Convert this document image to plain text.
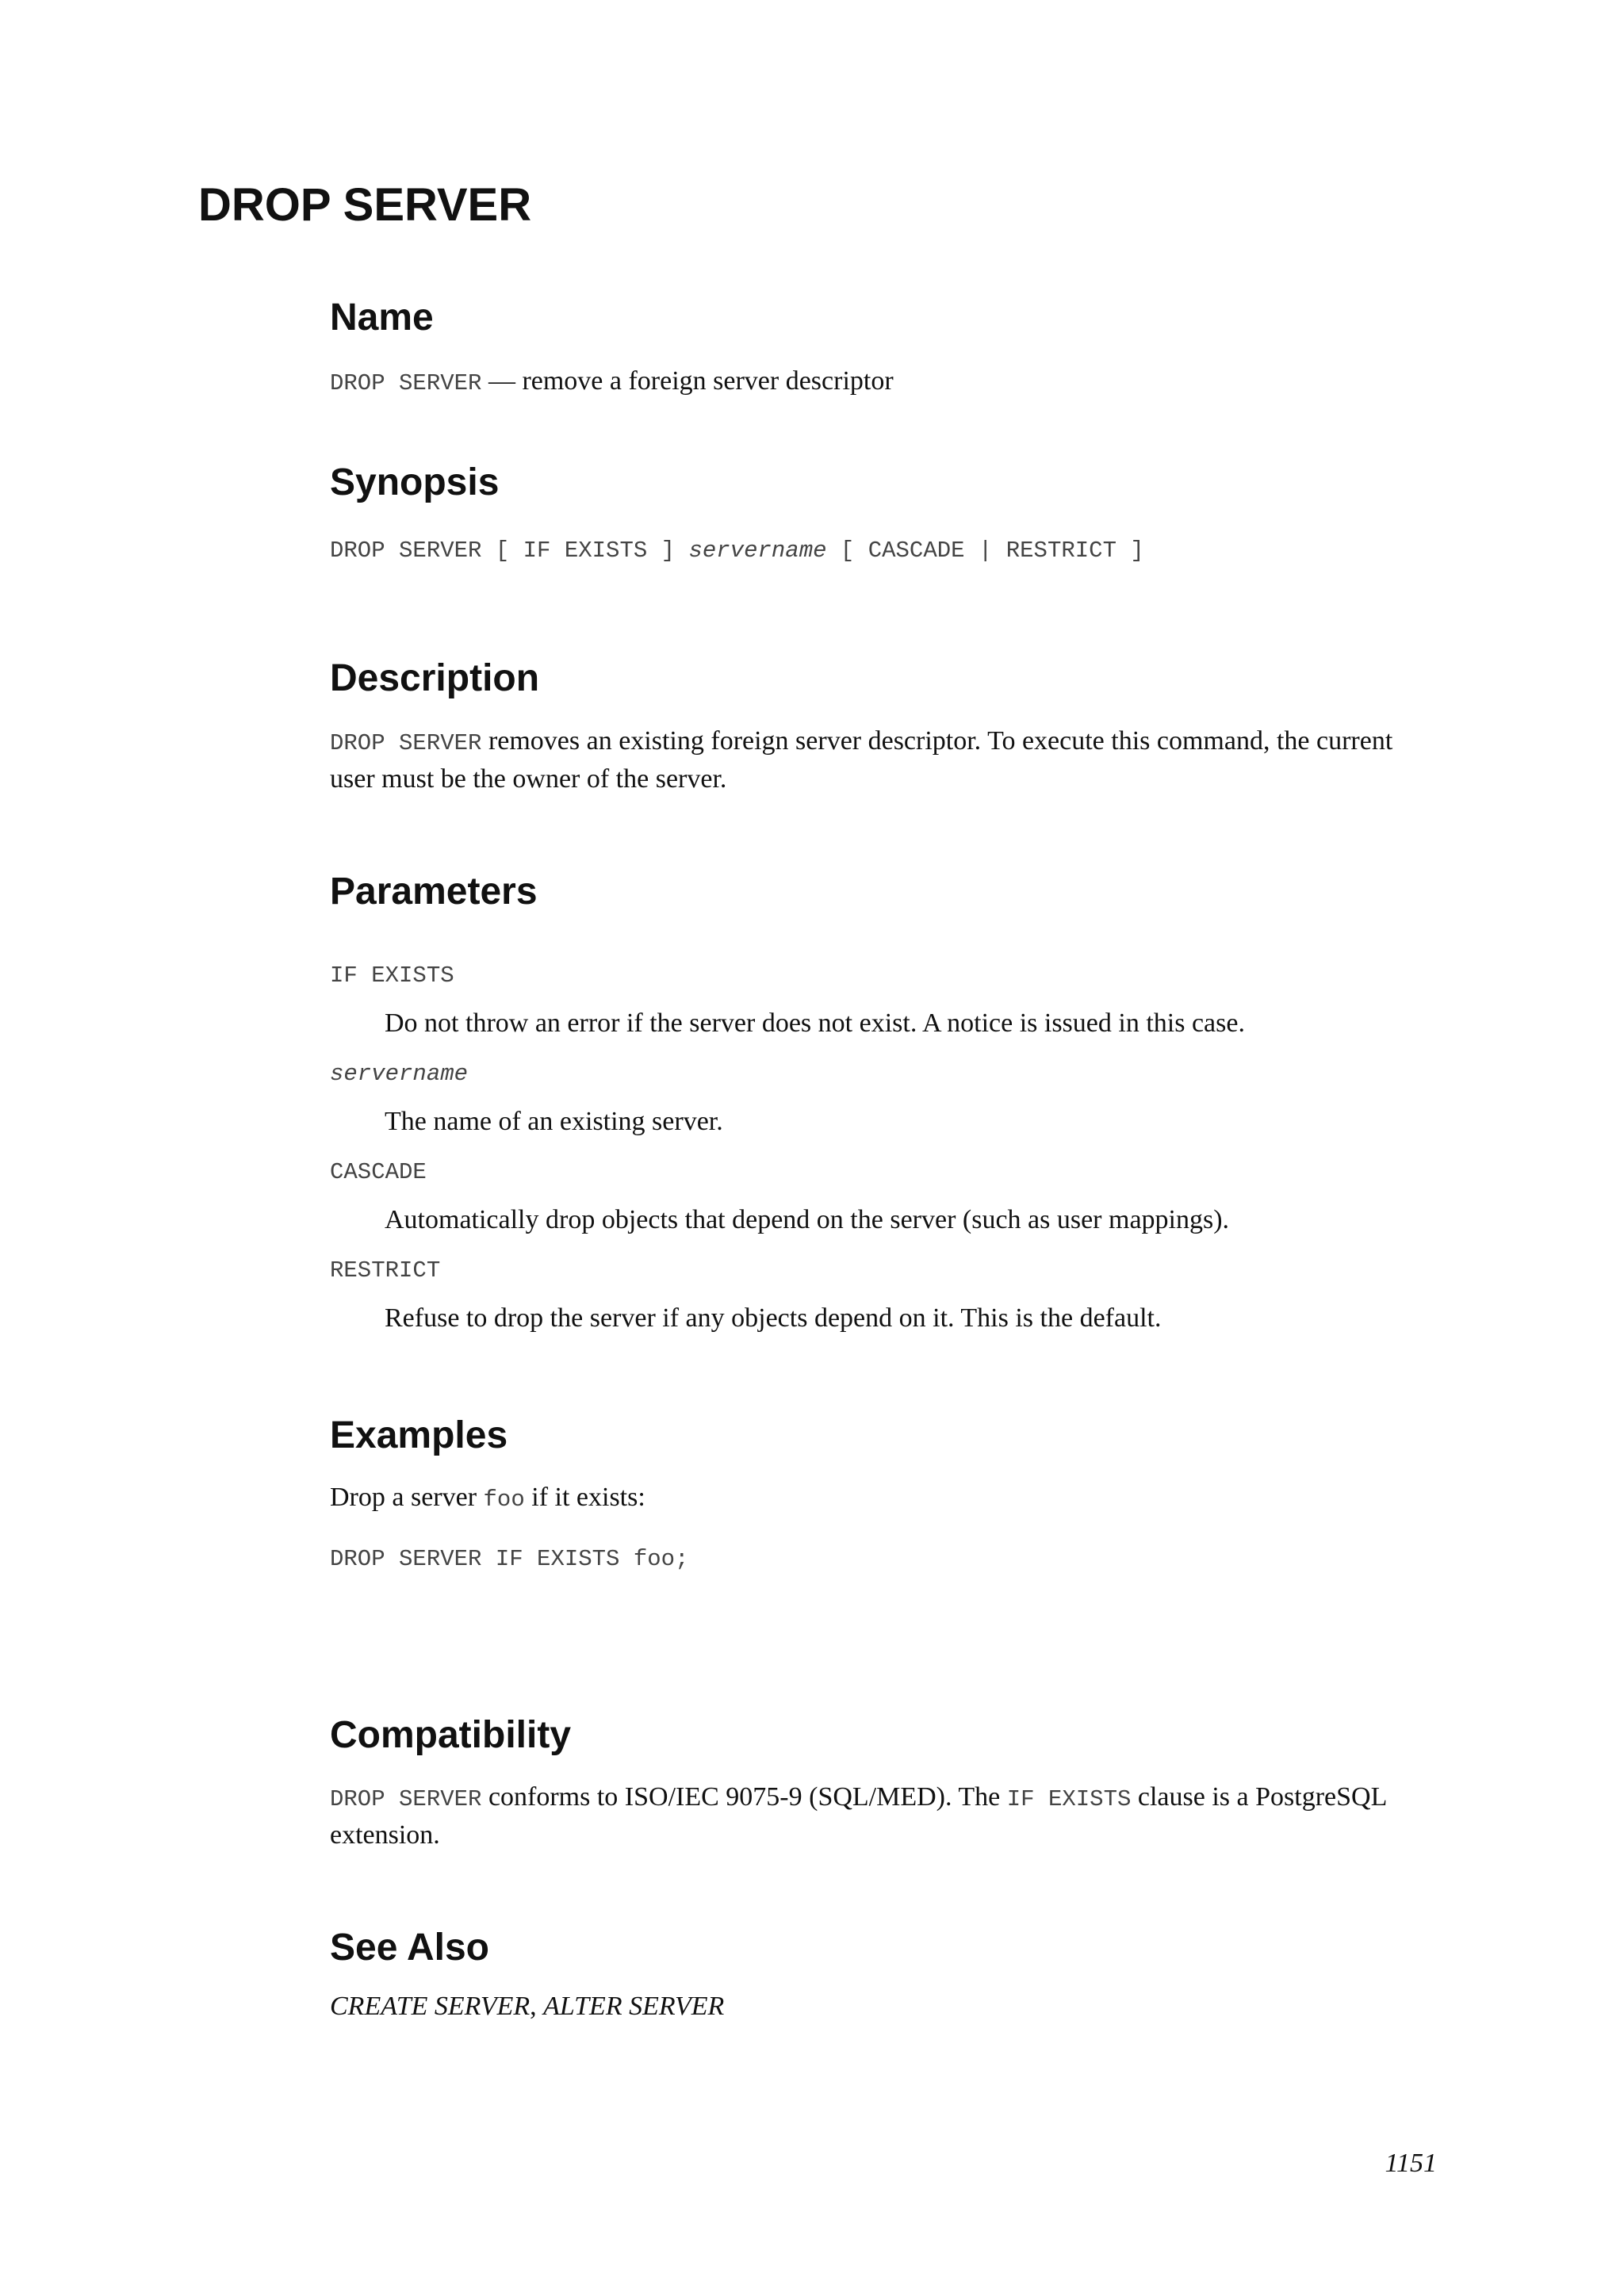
DROP SERVER
Name

DROP SERVER — remove a foreign server descriptor

Synopsis

DROP SERVER [ IF EXISTS ] servername [ CASCADE | RESTRICT ]

Description

DROP SERVER removes an existing foreign server descriptor. To execute this command, the current user must be the owner of the server.

Parameters

IF EXISTS

Do not throw an error if the server does not exist. A notice is issued in this case.

servername

The name of an existing server.

CASCADE

Automatically drop objects that depend on the server (such as user mappings).

RESTRICT

Refuse to drop the server if any objects depend on it. This is the default.

Examples

Drop a server foo if it exists:

DROP SERVER IF EXISTS foo;

Compatibility

DROP SERVER conforms to ISO/IEC 9075-9 (SQL/MED). The IF EXISTS clause is a PostgreSQL extension.

See Also

CREATE SERVER, ALTER SERVER

1151
